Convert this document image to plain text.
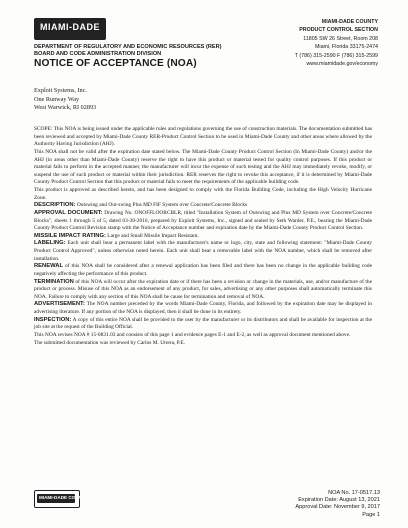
MIAMI-DADE
DEPARTMENT OF REGULATORY AND ECONOMIC RESOURCES (RER)
BOARD AND CODE ADMINISTRATION DIVISION
NOTICE OF ACCEPTANCE (NOA)
MIAMI-DADE COUNTY
PRODUCT CONTROL SECTION
11805 SW 26 Street, Room 208
Miami, Florida 33175-2474
T (786) 315-2590 F (786) 315-2599
www.miamidade.gov/economy
Exploit Systems, Inc.
One Runway Way
West Warwick, RI 02893

SCOPE: This NOA is being issued under the applicable rules and regulations governing the use of construction materials. The documentation submitted has been reviewed and accepted by Miami-Dade County RER-Product Control Section to be used in Miami-Dade County and other areas where allowed by the Authority Having Jurisdiction (AHJ).

This NOA shall not be valid after the expiration date stated below. The Miami-Dade County Product Control Section (In Miami-Dade County) and/or the AHJ (in areas other than Miami-Dade County) reserve the right to have this product or material tested for quality control purposes. If this product or material fails to perform in the accepted manner, the manufacturer will incur the expense of such testing and the AHJ may immediately revoke, modify, or suspend the use of such product or material within their jurisdiction. RER reserves the right to revoke this acceptance, if it is determined by Miami-Dade County Product Control Section that this product or material fails to meet the requirements of the applicable building code.

This product is approved as described herein, and has been designed to comply with the Florida Building Code, including the High Velocity Hurricane Zone.

DESCRIPTION: Outswing and Out-swing Plus MD FIF System over Concrete/Concrete Blocks

APPROVAL DOCUMENT: Drawing No. ONOFFLOORCBLR, titled "Installation System of Outswing and Plus MD System over Concrete/Concrete Blocks", sheets 1 through 5 of 5, dated 03-30-2016, prepared by Exploit Systems, Inc., signed and sealed by Seth Warder, P.E., bearing the Miami-Dade County Product Control Revision stamp with the Notice of Acceptance number and expiration date by the Miami-Dade County Product Control Section.

MISSILE IMPACT RATING: Large and Small Missile Impact Resistant.

LABELING: Each unit shall bear a permanent label with the manufacturer's name or logo, city, state and following statement: "Miami-Dade County Product Control Approved", unless otherwise noted herein. Each unit shall bear a removable label with the NOA number, which shall be removed after installation.

RENEWAL of this NOA shall be considered after a renewal application has been filed and there has been no change in the applicable building code negatively affecting the performance of this product.

TERMINATION of this NOA will occur after the expiration date or if there has been a revision or change in the materials, use, and/or manufacture of the product or process. Misuse of this NOA as an endorsement of any product, for sales, advertising or any other purposes shall automatically terminate this NOA. Failure to comply with any section of this NOA shall be cause for termination and removal of NOA.

ADVERTISEMENT: The NOA number preceded by the words Miami-Dade County, Florida, and followed by the expiration date may be displayed in advertising literature. If any portion of the NOA is displayed, then it shall be done in its entirety.

INSPECTION: A copy of this entire NOA shall be provided to the user by the manufacturer or its distributors and shall be available for inspection at the job site at the request of the Building Official.

This NOA revises NOA # 15-0831.03 and consists of this page 1 and evidence pages E-1 and E-2, as well as approval document mentioned above.

The submitted documentation was reviewed by Carlos M. Utrera, P.E.

MIAMI-DADE COUNTY
NOA No. 17-0517.13
Expiration Date: August 13, 2021
Approval Date: November 9, 2017
Page 1
